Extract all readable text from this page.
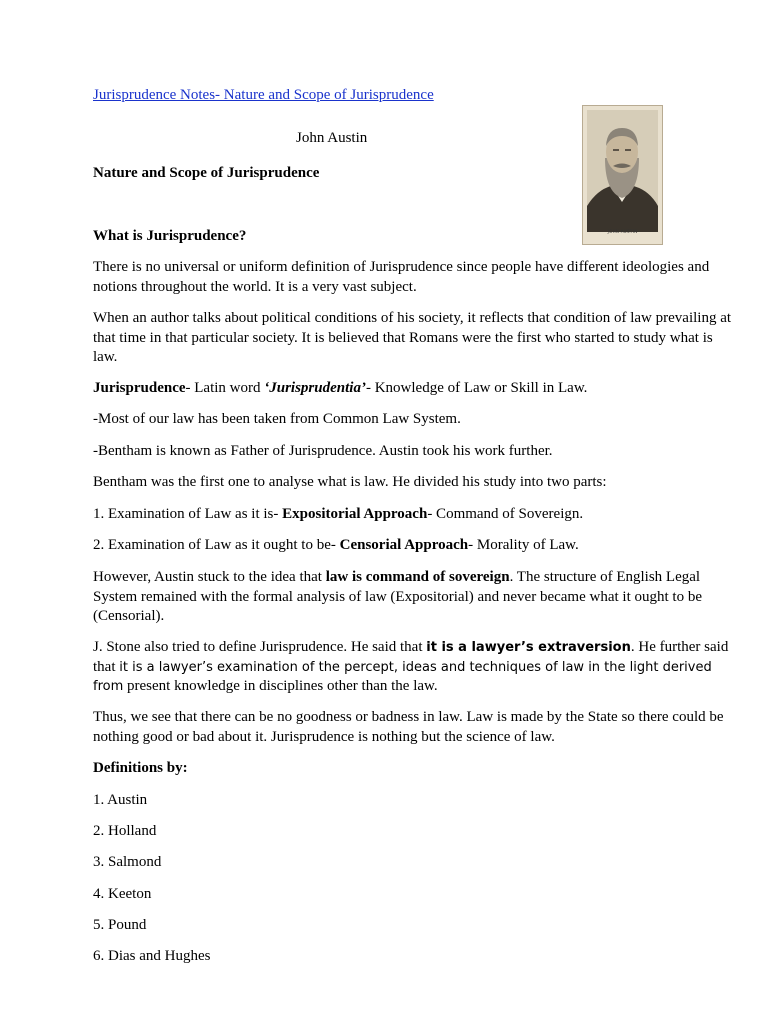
Jurisprudence Notes- Nature and Scope of Jurisprudence

John Austin

JOHN AUSTIN

Nature and Scope of Jurisprudence

What is Jurisprudence?

There is no universal or uniform definition of Jurisprudence since people have different ideologies and notions throughout the world. It is a very vast subject.

When an author talks about political conditions of his society, it reflects that condition of law prevailing at that time in that particular society. It is believed that Romans were the first who started to study what is law.

Jurisprudence- Latin word ‘Jurisprudentia’- Knowledge of Law or Skill in Law.

-Most of our law has been taken from Common Law System.

-Bentham is known as Father of Jurisprudence. Austin took his work further.

Bentham was the first one to analyse what is law. He divided his study into two parts:

1. Examination of Law as it is- Expositorial Approach- Command of Sovereign.

2. Examination of Law as it ought to be- Censorial Approach- Morality of Law.

However, Austin stuck to the idea that law is command of sovereign. The structure of English Legal System remained with the formal analysis of law (Expositorial) and never became what it ought to be (Censorial).

J. Stone also tried to define Jurisprudence. He said that it is a lawyer’s extraversion. He further said that it is a lawyer’s examination of the percept, ideas and techniques of law in the light derived from present knowledge in disciplines other than the law.

Thus, we see that there can be no goodness or badness in law. Law is made by the State so there could be nothing good or bad about it. Jurisprudence is nothing but the science of law.

Definitions by:

1. Austin

2. Holland

3. Salmond

4. Keeton

5. Pound

6. Dias and Hughes
